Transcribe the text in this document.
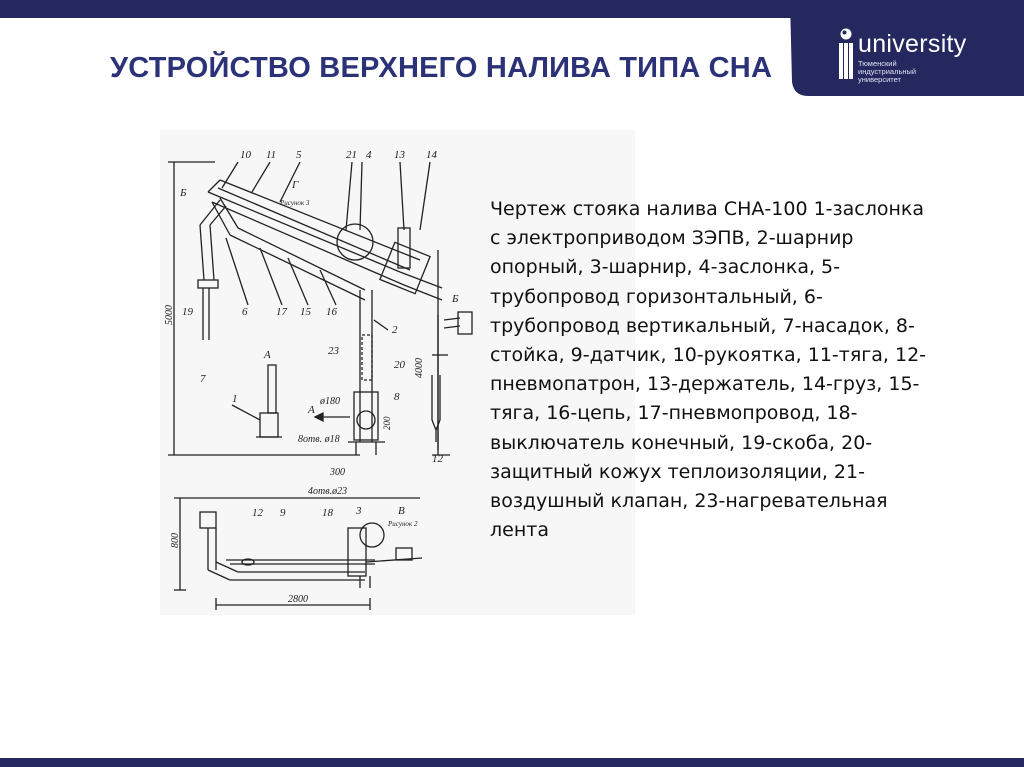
УСТРОЙСТВО ВЕРХНЕГО НАЛИВА ТИПА СНА
university
Тюменский
индустриальный
университет
10 11 5	21 4 13 14
Б
Г
Рисунок 3
5000 19	6	17 15 16
2
А	23
20 4000
Б
7
1
А
ø180	8
8отв. ø18
200
300
12
4отв.ø23
800
12 9	18 3	В
Рисунок 2
2800
Чертеж стояка налива СНА-100 1-заслонка
с электроприводом ЗЭПВ, 2-шарнир
опорный, 3-шарнир, 4-заслонка, 5-
трубопровод горизонтальный, 6-
трубопровод вертикальный, 7-насадок, 8-
стойка, 9-датчик, 10-рукоятка, 11-тяга, 12-
пневмопатрон, 13-держатель, 14-груз, 15-
тяга, 16-цепь, 17-пневмопровод, 18-
выключатель конечный, 19-скоба, 20-
защитный кожух теплоизоляции, 21-
воздушный клапан, 23-нагревательная
лента
